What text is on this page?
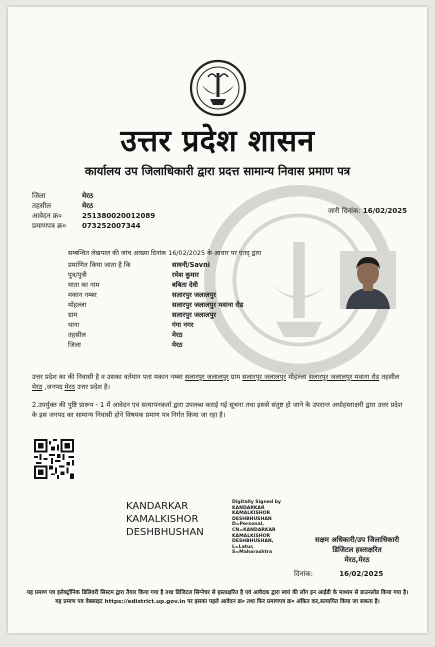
उत्तर प्रदेश शासन
कार्यालय उप जिलाधिकारी द्वारा प्रदत्त सामान्य निवास प्रमाण पत्र
जिला	मेरठ
तहसील	मेरठ
आवेदन क्र०	251380020012089
प्रमाणपत्र क्र० 073252007344
जारी दिनांक: 16/02/2025
सम्बन्धित लेखपाल की जांच आख्या दिनांक 16/02/2025 के आधार पर एतद् द्वारा
प्रमाणित किया जाता है कि	सावनी/Savni
पुत्र/पुत्री	रमेश कुमार
माता का नाम	बबिता देवी
मकान नम्बर	सलारपुर जलालपुर
मोहल्ला	सलारपुर जलालपुर मवाना रोड
ग्राम	सलारपुर जलालपुर
थाना	गंगा नगर
तहसील	मेरठ
जिला	मेरठ
उत्तर प्रदेश का की निवासी है व उसका वर्तमान पता मकान नम्बर सलारपुर जलालपुर ग्राम सलारपुर जलालपुर मोहल्ला सलारपुर जलालपुर मवाना रोड तहसील मेरठ ,जनपद मेरठ उत्तर प्रदेश है।
2.उपर्युक्त की पुष्टि प्रारूप - 1 में आवेदन एवं सत्यापनकर्ता द्वारा उपलब्ध कराई गई सूचना तथा इससे संतुष्ट हो जाने के उपरान्त अधोहस्ताक्षरी द्वारा उत्तर प्रदेश के इस जनपद का सामान्य निवासी होने विषयक प्रमाण पत्र निर्गत किया जा रहा है।
KANDARKAR
KAMALKISHOR
DESHBHUSHAN
Digitally Signed by
KANDARKAR
KAMALKISHOR
DESHBHUSHAN
D=Personal,
CN=KANDARKAR
KAMALKISHOR
DESHBHUSHAN,
L=Latur,
S=Maharashtra
सक्षम अधिकारी/उप जिलाधिकारी
डिजिटल हस्ताक्षरित
मेरठ,मेरठ
दिनांक:	16/02/2025
यह प्रमाण पत्र इलेक्ट्रॉनिक डिलिवरी सिस्टम द्वारा तैयार किया गया है तथा डिजिटल सिग्नेचर से हस्ताक्षरित है एवं आवेदक द्वारा स्वयं की लॉग इन आईडी के माध्यम से डाउनलोड किया गया है। यह प्रमाण पत्र वेबसाइट https://edistrict.up.gov.in पर इसका पहले आवेदन क्र० तथा फिर प्रमाणपत्र क्र० अंकित कर,सत्यापित किया जा सकता है।
